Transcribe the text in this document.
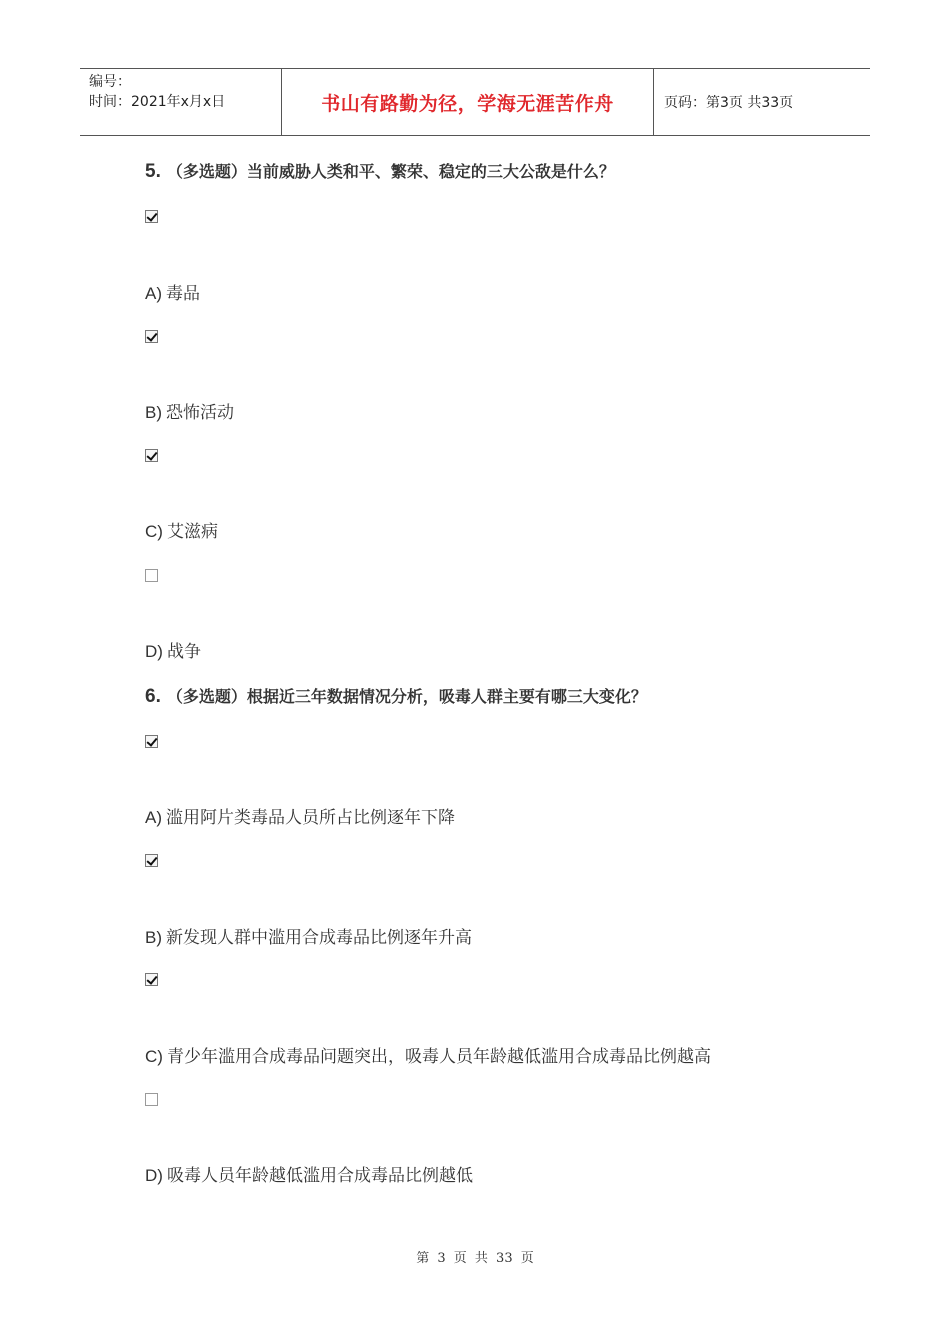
编号：
时间：2021年x月x日	书山有路勤为径，学海无涯苦作舟	页码：第3页 共33页
5. （多选题）当前威胁人类和平、繁荣、稳定的三大公敌是什么？
A) 毒品
B) 恐怖活动
C) 艾滋病
D) 战争
6. （多选题）根据近三年数据情况分析，吸毒人群主要有哪三大变化？
A) 滥用阿片类毒品人员所占比例逐年下降
B) 新发现人群中滥用合成毒品比例逐年升高
C) 青少年滥用合成毒品问题突出，吸毒人员年龄越低滥用合成毒品比例越高
D) 吸毒人员年龄越低滥用合成毒品比例越低
第 3 页 共 33 页
